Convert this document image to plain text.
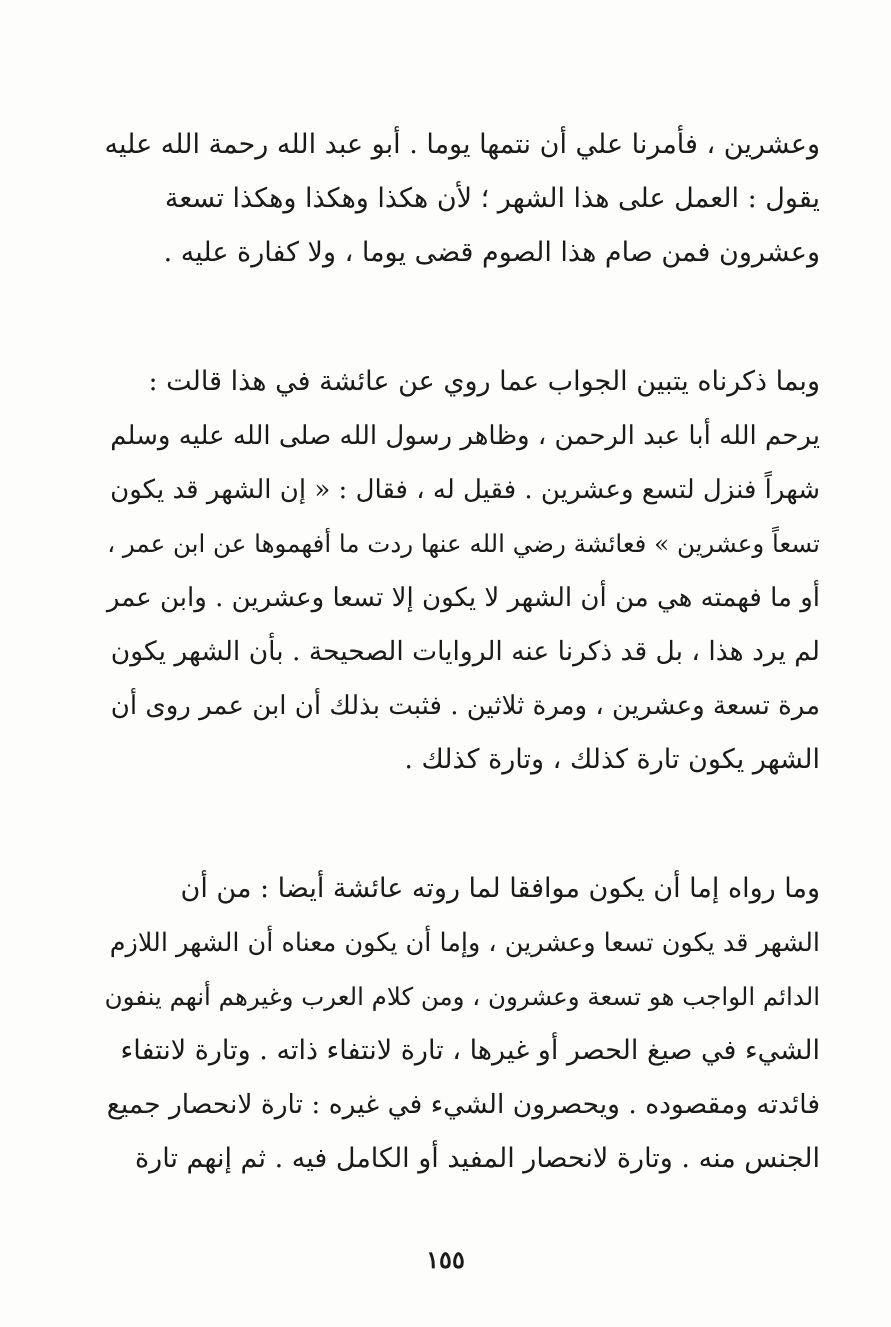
وعشرين ، فأمرنا علي أن نتمها يوما . أبو عبد الله رحمة الله عليه
يقول : العمل على هذا الشهر ؛ لأن هكذا وهكذا وهكذا تسعة
وعشرون فمن صام هذا الصوم قضى يوما ، ولا كفارة عليه .
وبما ذكرناه يتبين الجواب عما روي عن عائشة في هذا قالت :
يرحم الله أبا عبد الرحمن ، وظاهر رسول الله صلى الله عليه وسلم
شهراً فنزل لتسع وعشرين . فقيل له ، فقال : « إن الشهر قد يكون
تسعاً وعشرين » فعائشة رضي الله عنها ردت ما أفهموها عن ابن عمر ،
أو ما فهمته هي من أن الشهر لا يكون إلا تسعا وعشرين . وابن عمر
لم يرد هذا ، بل قد ذكرنا عنه الروايات الصحيحة . بأن الشهر يكون
مرة تسعة وعشرين ، ومرة ثلاثين . فثبت بذلك أن ابن عمر روى أن
الشهر يكون تارة كذلك ، وتارة كذلك .
وما رواه إما أن يكون موافقا لما روته عائشة أيضا : من أن
الشهر قد يكون تسعا وعشرين ، وإما أن يكون معناه أن الشهر اللازم
الدائم الواجب هو تسعة وعشرون ، ومن كلام العرب وغيرهم أنهم ينفون
الشيء في صيغ الحصر أو غيرها ، تارة لانتفاء ذاته . وتارة لانتفاء
فائدته ومقصوده . ويحصرون الشيء في غيره : تارة لانحصار جميع
الجنس منه . وتارة لانحصار المفيد أو الكامل فيه . ثم إنهم تارة
١٥٥
